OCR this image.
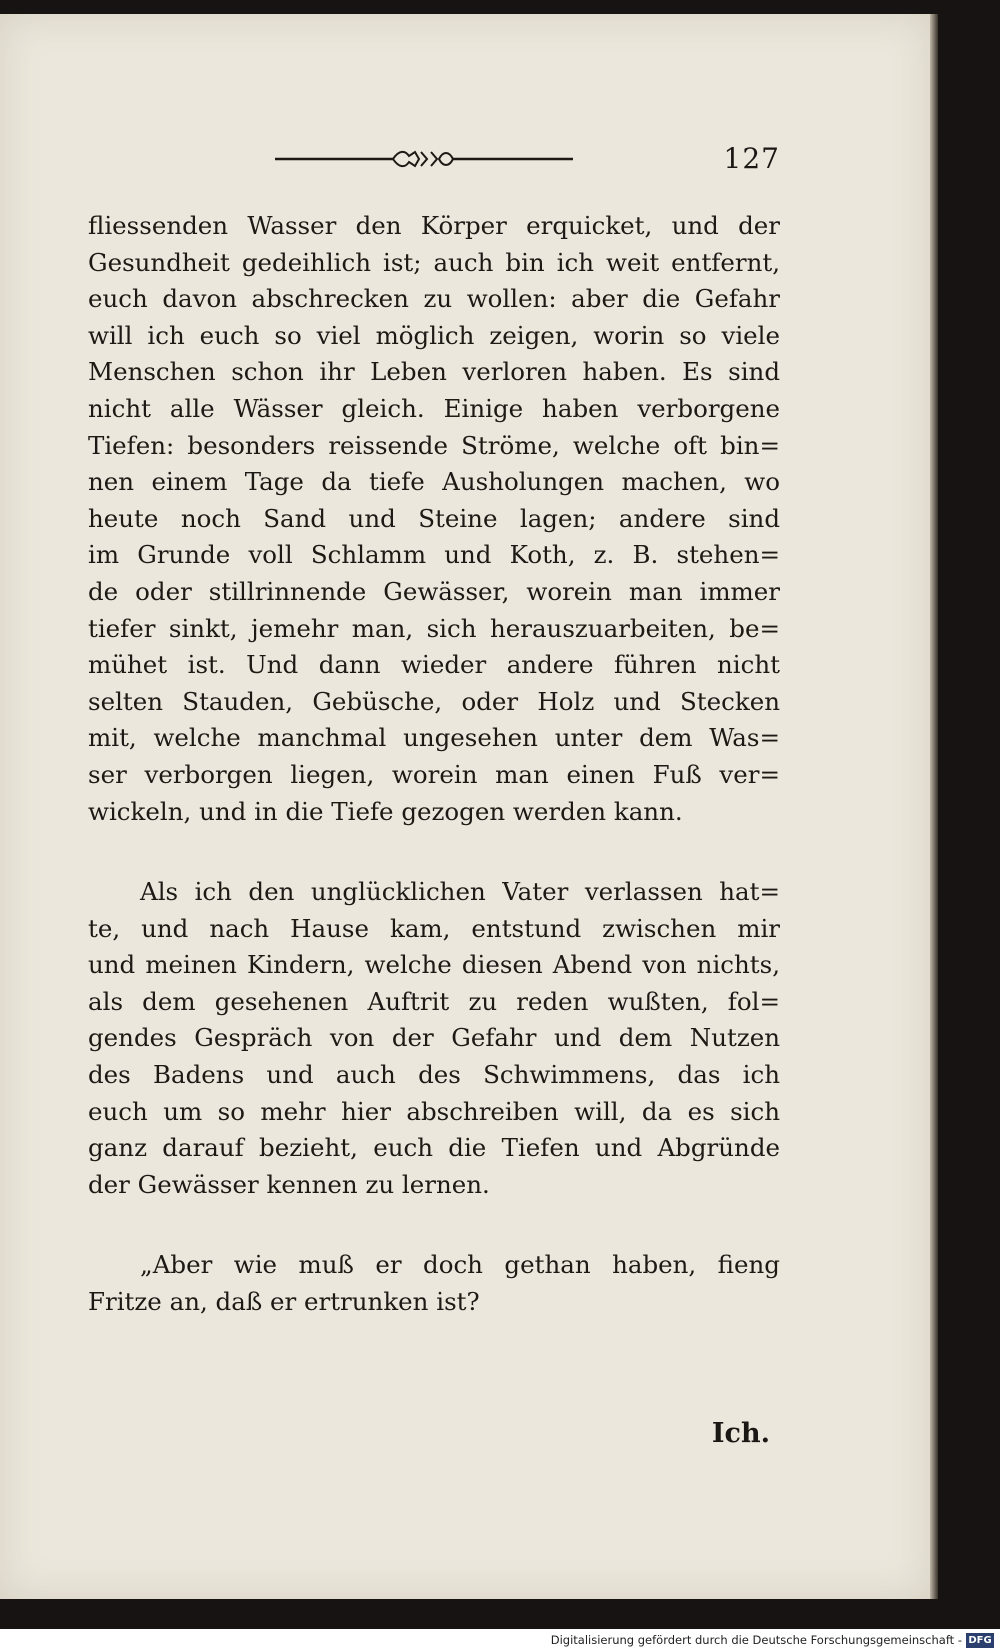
127
fliessenden Wasser den Körper erquicket, und der
Gesundheit gedeihlich ist; auch bin ich weit entfernt,
euch davon abschrecken zu wollen: aber die Gefahr
will ich euch so viel möglich zeigen, worin so viele
Menschen schon ihr Leben verloren haben. Es sind
nicht alle Wässer gleich. Einige haben verborgene
Tiefen: besonders reissende Ströme, welche oft bin=
nen einem Tage da tiefe Ausholungen machen, wo
heute noch Sand und Steine lagen; andere sind
im Grunde voll Schlamm und Koth, z. B. stehen=
de oder stillrinnende Gewässer, worein man immer
tiefer sinkt, jemehr man, sich herauszuarbeiten, be=
mühet ist. Und dann wieder andere führen nicht
selten Stauden, Gebüsche, oder Holz und Stecken
mit, welche manchmal ungesehen unter dem Was=
ser verborgen liegen, worein man einen Fuß ver=
wickeln, und in die Tiefe gezogen werden kann.
Als ich den unglücklichen Vater verlassen hat=
te, und nach Hause kam, entstund zwischen mir
und meinen Kindern, welche diesen Abend von nichts,
als dem gesehenen Auftrit zu reden wußten, fol=
gendes Gespräch von der Gefahr und dem Nutzen
des Badens und auch des Schwimmens, das ich
euch um so mehr hier abschreiben will, da es sich
ganz darauf bezieht, euch die Tiefen und Abgründe
der Gewässer kennen zu lernen.
„Aber wie muß er doch gethan haben, fieng
Fritze an, daß er ertrunken ist?
Ich.
Digitalisierung gefördert durch die Deutsche Forschungsgemeinschaft - DFG
